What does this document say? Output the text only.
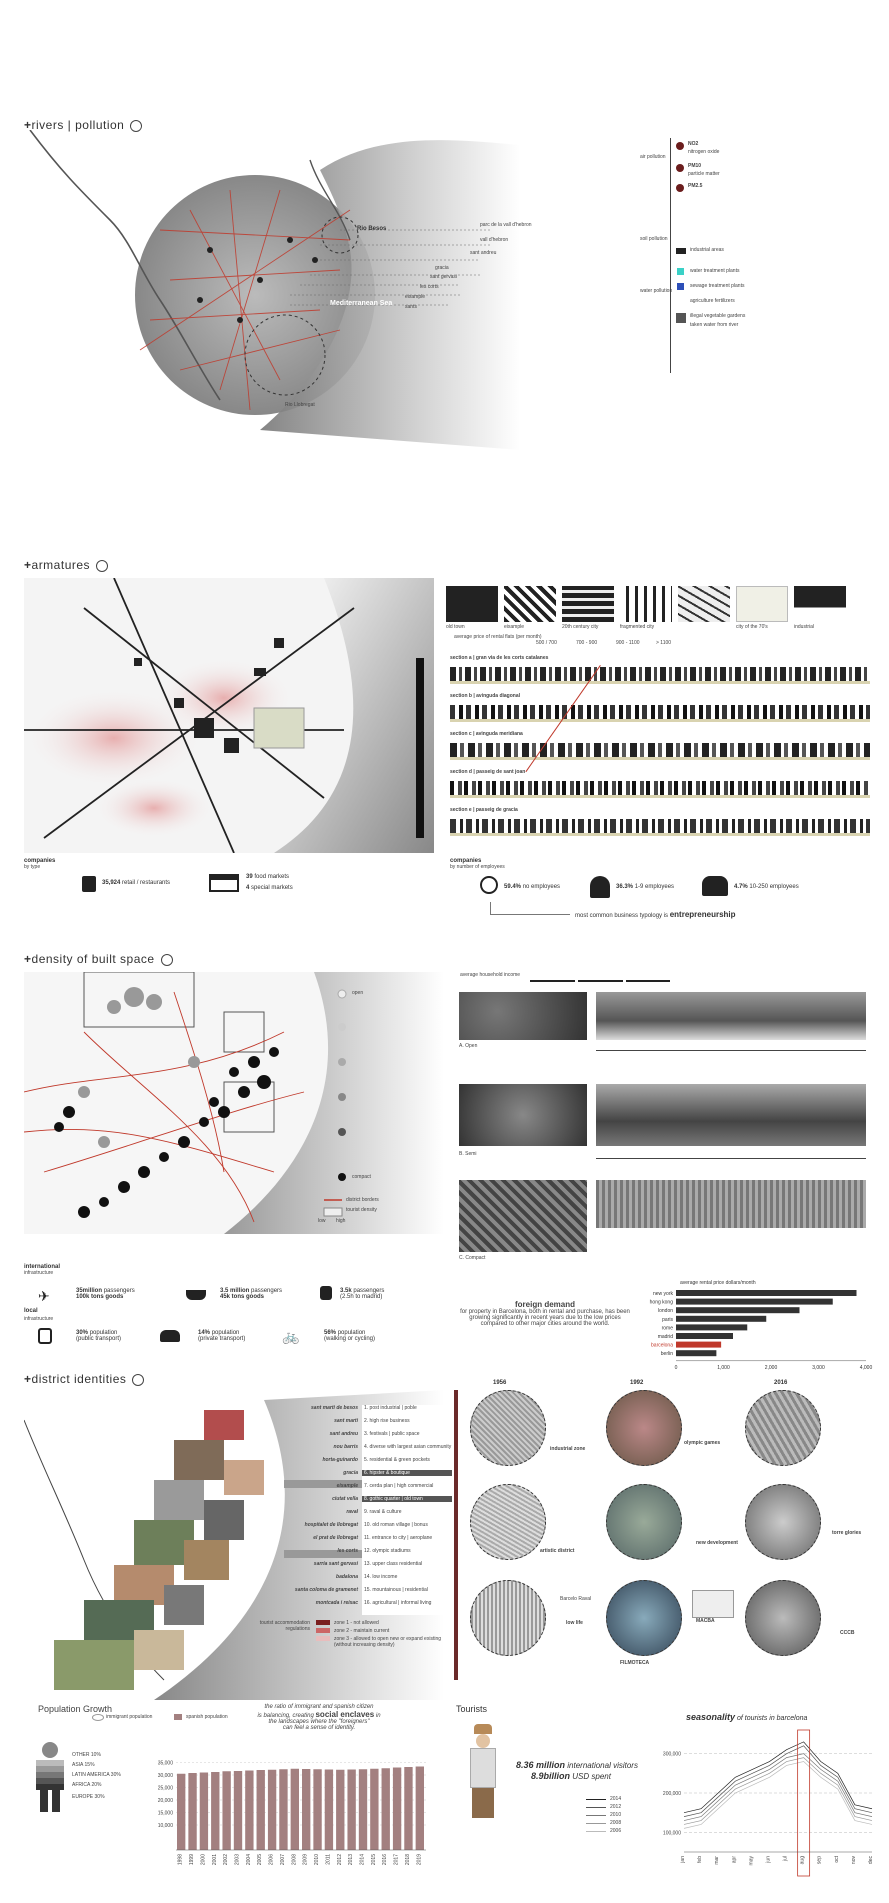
+rivers | pollution
Rio Besos
Mediterranean Sea
Rio Llobregat
parc de la vall d'hebron
vall d'hebron
sant andreu
gracia
sant gervasi
les corts
eixample
sants
air pollution
soil pollution
water pollution
NO2
nitrogen oxide
PM10
particle matter
PM2.5
industrial areas
water treatment plants
sewage treatment plants
agriculture fertilizers
illegal vegetable gardens
taken water from river
+armatures
old town	eixample	20th century city	fragmented city	city of the 70's	industrial
average price of rental flats (per month)
500 / 700	700 - 900	900 - 1100	> 1100
section a | gran via de les corts catalanes
section b | avinguda diagonal
section c | avinguda meridiana
section d | passeig de sant joan
section e | passeig de gracia
companies
by type
35,924 retail / restaurants
39 food markets
4 special markets
companies
by number of employees
59.4% no employees	36.3% 1-9 employees	4.7% 10-250 employees
most common business typology is entrepreneurship
+density of built space
open
compact
district borders
tourist density
low high
average household income
A. Open
B. Semi
C. Compact
international
infrastructure
✈	35million passengers
100k tons goods
3.5 million passengers
45k tons goods
3.5k passengers
(2.5h to madrid)
local
infrastructure
30% population
(public transport)
14% population
(private transport)	🚲	56% population
(walking or cycling)
foreign demand
for property in Barcelona, both in rental and purchase, has been growing significantly in recent years due to the low prices compared to other major cities around the world.
average rental price dollars/month
new york
hong kong
london
paris
rome
madrid
barcelona
berlin
0	1,000	2,000	3,000	4,000
+district identities
sant marti de besos	1. post industrial | poble
sant marti	2. high rise business
sant andreu	3. festivals | public space
nou barris	4. diverse with largest asian community
horta-guinardo	5. residential & green pockets
gracia	6. hipster & boutique
eixample	7. cerda plan | high commercial
ciutat vella	8. gothic quarter | old town
raval	9. raval & culture
hospitalet de llobregat	10. old roman village | bonus
el prat de llobregat	11. entrance to city | aeroplane
les corts	12. olympic stadiums
sarria sant gervasi	13. upper class residential
badalona	14. low income
santa coloma de gramenet	15. mountainous | residential
montcada i reixac	16. agricultural | informal living
tourist accommodation regulations
zone 1 - not allowed
zone 2 - maintain current
zone 3 - allowed to open new or expand existing (without increasing density)
1956	1992	2016
industrial zone
olympic games
artistic district
new development
low life	MACBA
FILMOTECA
Barcelo Raval
torre glories
CCCB
Population Growth
immigrant population	spanish population
the ratio of immigrant and spanish citizen
is balancing, creating social enclaves in
the landscapes where the "foreigners"
can feel a sense of identity.
OTHER 10%
ASIA 15%
LATIN AMERICA 30%
AFRICA 20%
EUROPE 30%
10,000
15,000
20,000
25,000
30,000
35,000
1998 1999 2000 2001 2002 2003 2004 2005 2006 2007 2008 2009 2010 2011 2012 2013 2014 2015 2016 2017 2018 2019
Tourists
8.36 million international visitors
8.9billion USD spent
2014
2012
2010
2008
2006
seasonality of tourists in barcelona
100,000
200,000
300,000
jan feb mar apr may jun jul aug sep oct nov dec
